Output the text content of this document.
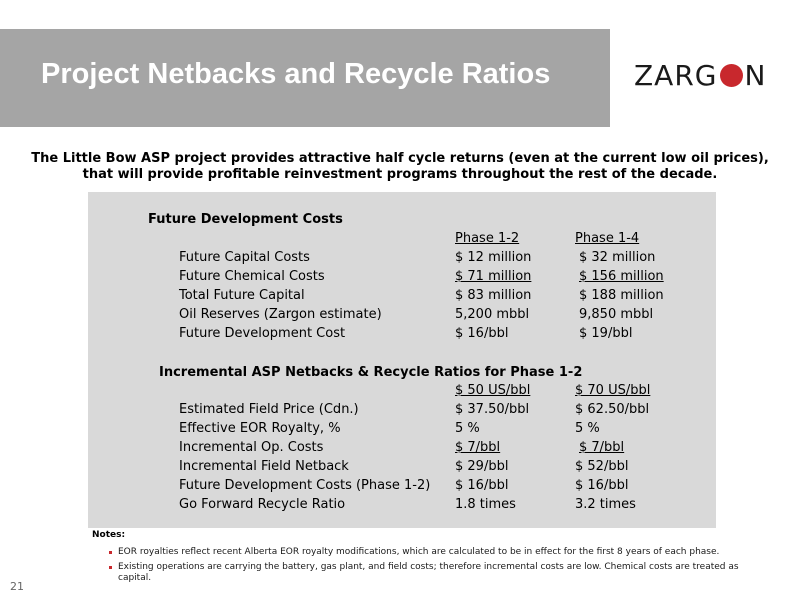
Project Netbacks and Recycle Ratios	ZARG N
The Little Bow ASP project provides attractive half cycle returns (even at the current low oil prices),
that will provide profitable reinvestment programs throughout the rest of the decade.
Future Development Costs
Phase 1-2	Phase 1-4
Future Capital Costs	$ 12 million	$ 32 million
Future Chemical Costs	$ 71 million	$ 156 million
Total Future Capital	$ 83 million	$ 188 million
Oil Reserves (Zargon estimate)	5,200 mbbl	9,850 mbbl
Future Development Cost	$ 16/bbl	$ 19/bbl
Incremental ASP Netbacks & Recycle Ratios for Phase 1-2
$ 50 US/bbl	$ 70 US/bbl
Estimated Field Price (Cdn.)	$ 37.50/bbl	$ 62.50/bbl
Effective EOR Royalty, %	5 %	5 %
Incremental Op. Costs	$ 7/bbl	$ 7/bbl
Incremental Field Netback	$ 29/bbl	$ 52/bbl
Future Development Costs (Phase 1-2) $ 16/bbl	$ 16/bbl
Go Forward Recycle Ratio	1.8 times	3.2 times
Notes:
EOR royalties reflect recent Alberta EOR royalty modifications, which are calculated to be in effect for the first 8 years of each phase.
Existing operations are carrying the battery, gas plant, and field costs; therefore incremental costs are low. Chemical costs are treated as
capital.
21
